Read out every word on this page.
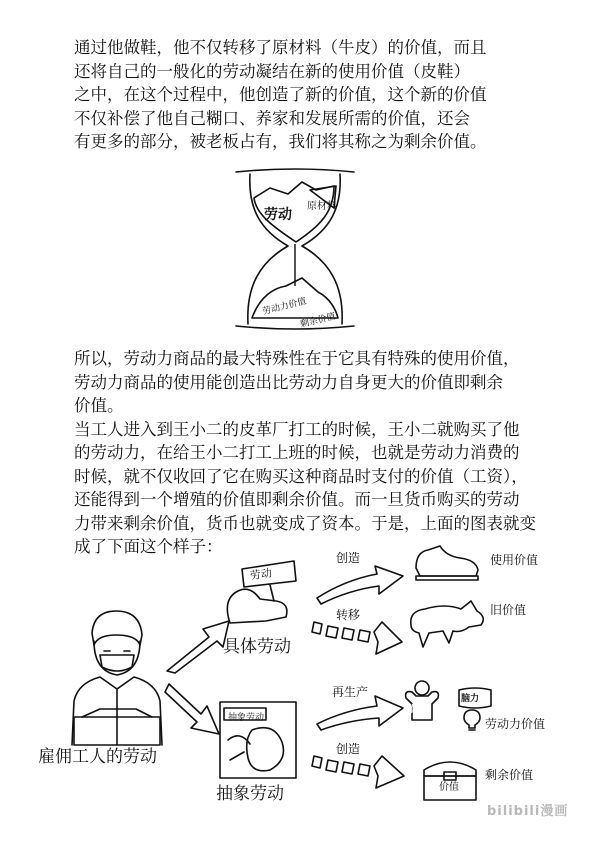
通过他做鞋，他不仅转移了原材料（牛皮）的价值，而且
还将自己的一般化的劳动凝结在新的使用价值（皮鞋）
之中，在这个过程中，他创造了新的价值，这个新的价值
不仅补偿了他自己糊口、养家和发展所需的价值，还会
有更多的部分，被老板占有，我们将其称之为剩余价值。

劳动
原材料
劳动力价值
剩余价值

所以，劳动力商品的最大特殊性在于它具有特殊的使用价值，
劳动力商品的使用能创造出比劳动力自身更大的价值即剩余
价值。
当工人进入到王小二的皮革厂打工的时候，王小二就购买了他
的劳动力，在给王小二打工上班的时候，也就是劳动力消费的
时候，就不仅收回了它在购买这种商品时支付的价值（工资），
还能得到一个增殖的价值即剩余价值。而一旦货币购买的劳动
力带来剩余价值，货币也就变成了资本。于是，上面的图表就变
成了下面这个样子：

雇佣工人的劳动
劳动
具体劳动
抽象劳动
抽象劳动
创造
转移
再生产
创造
使用价值
旧价值
体力
脑力
劳动力价值
价值
剩余价值
bilibili漫画
